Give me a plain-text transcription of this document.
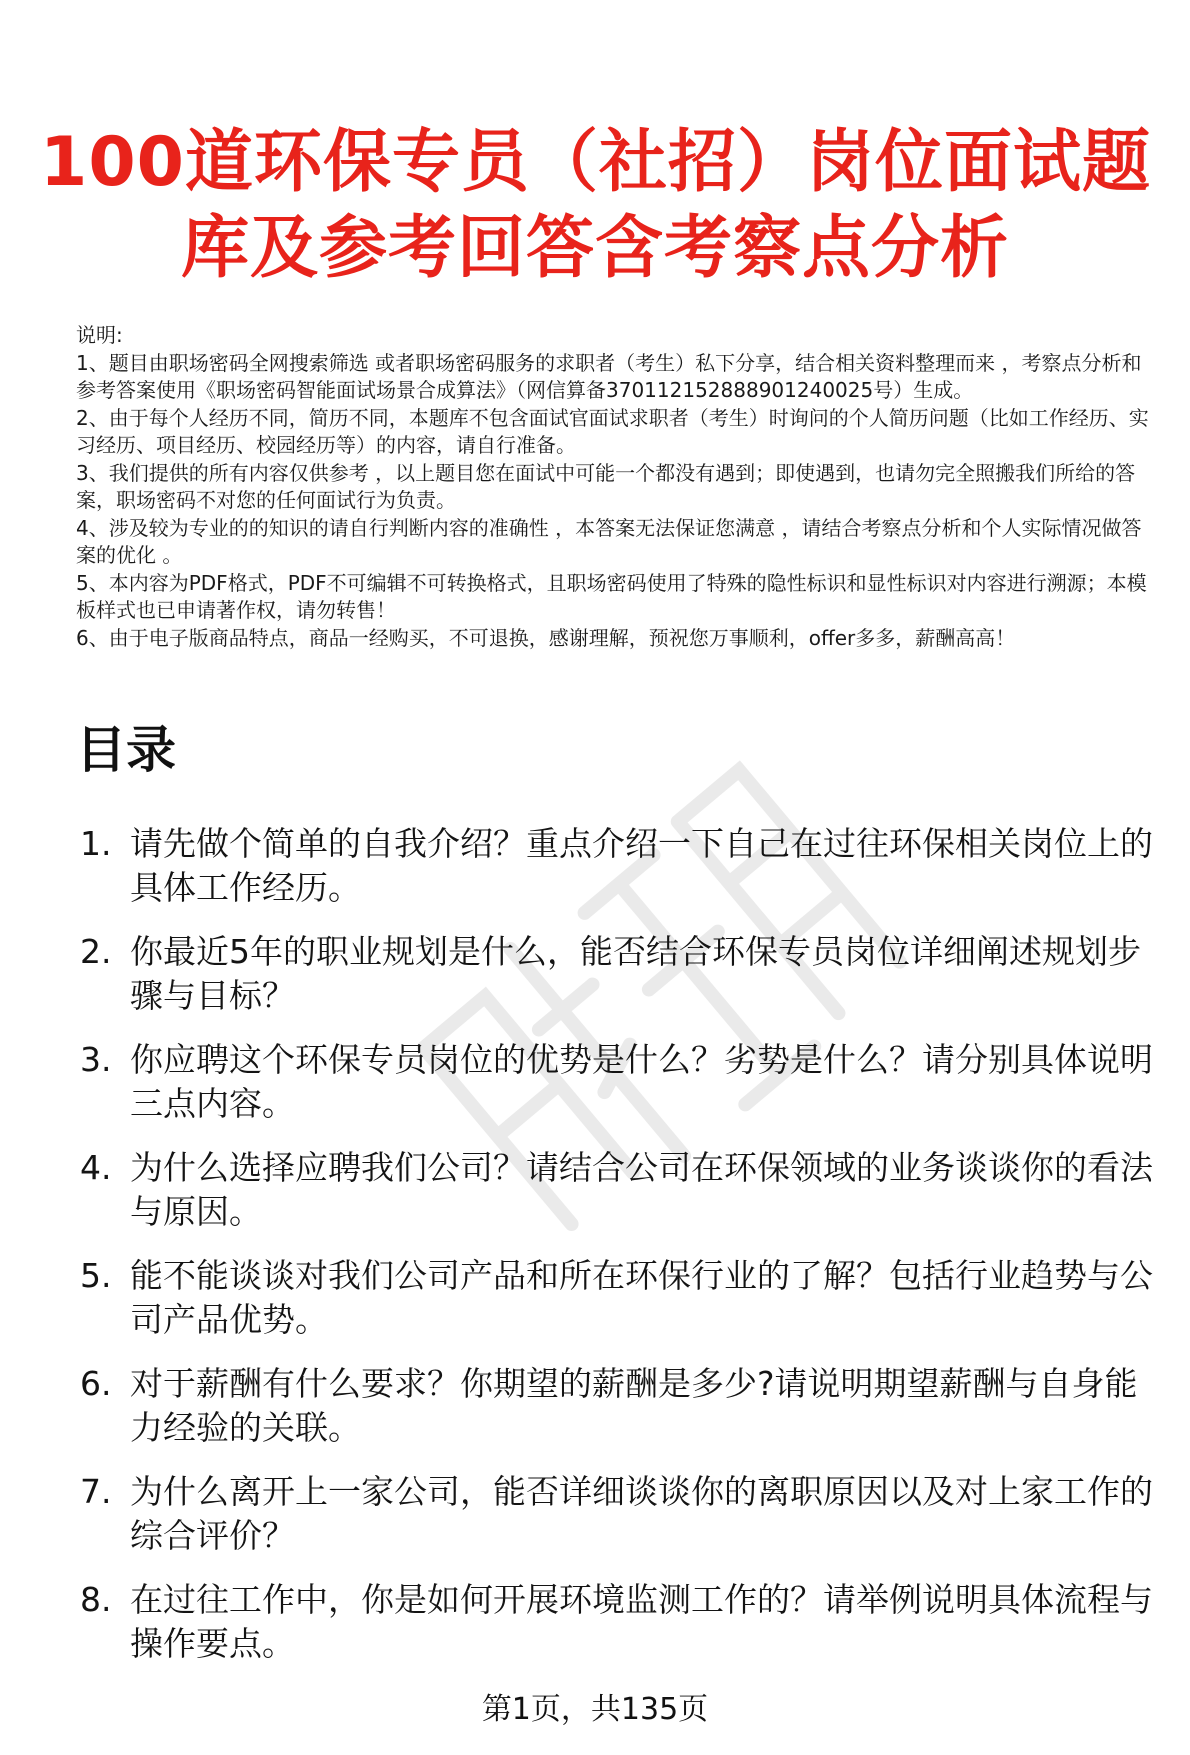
100道环保专员（社招）岗位面试题
库及参考回答含考察点分析

说明:

1、题目由职场密码全网搜索筛选 或者职场密码服务的求职者（考生）私下分享，结合相关资料整理而来 ，考察点分析和参考答案使用《职场密码智能面试场景合成算法》（网信算备370112152888901240025号）生成。

2、由于每个人经历不同，简历不同，本题库不包含面试官面试求职者（考生）时询问的个人简历问题（比如工作经历、实习经历、项目经历、校园经历等）的内容，请自行准备。

3、我们提供的所有内容仅供参考 ，以上题目您在面试中可能一个都没有遇到；即使遇到，也请勿完全照搬我们所给的答案，职场密码不对您的任何面试行为负责。

4、涉及较为专业的的知识的请自行判断内容的准确性 ，本答案无法保证您满意 ，请结合考察点分析和个人实际情况做答案的优化 。

5、本内容为PDF格式，PDF不可编辑不可转换格式，且职场密码使用了特殊的隐性标识和显性标识对内容进行溯源；本模板样式也已申请著作权，请勿转售！

6、由于电子版商品特点，商品一经购买，不可退换，感谢理解，预祝您万事顺利，offer多多，薪酬高高！

目录
1. 请先做个简单的自我介绍？重点介绍一下自己在过往环保相关岗位上的具体工作经历。
2. 你最近5年的职业规划是什么，能否结合环保专员岗位详细阐述规划步骤与目标？
3. 你应聘这个环保专员岗位的优势是什么？劣势是什么？请分别具体说明三点内容。
4. 为什么选择应聘我们公司？请结合公司在环保领域的业务谈谈你的看法与原因。
5. 能不能谈谈对我们公司产品和所在环保行业的了解？包括行业趋势与公司产品优势。
6. 对于薪酬有什么要求？你期望的薪酬是多少?请说明期望薪酬与自身能力经验的关联。
7. 为什么离开上一家公司，能否详细谈谈你的离职原因以及对上家工作的综合评价？
8. 在过往工作中，你是如何开展环境监测工作的？请举例说明具体流程与操作要点。
第1页，共135页
